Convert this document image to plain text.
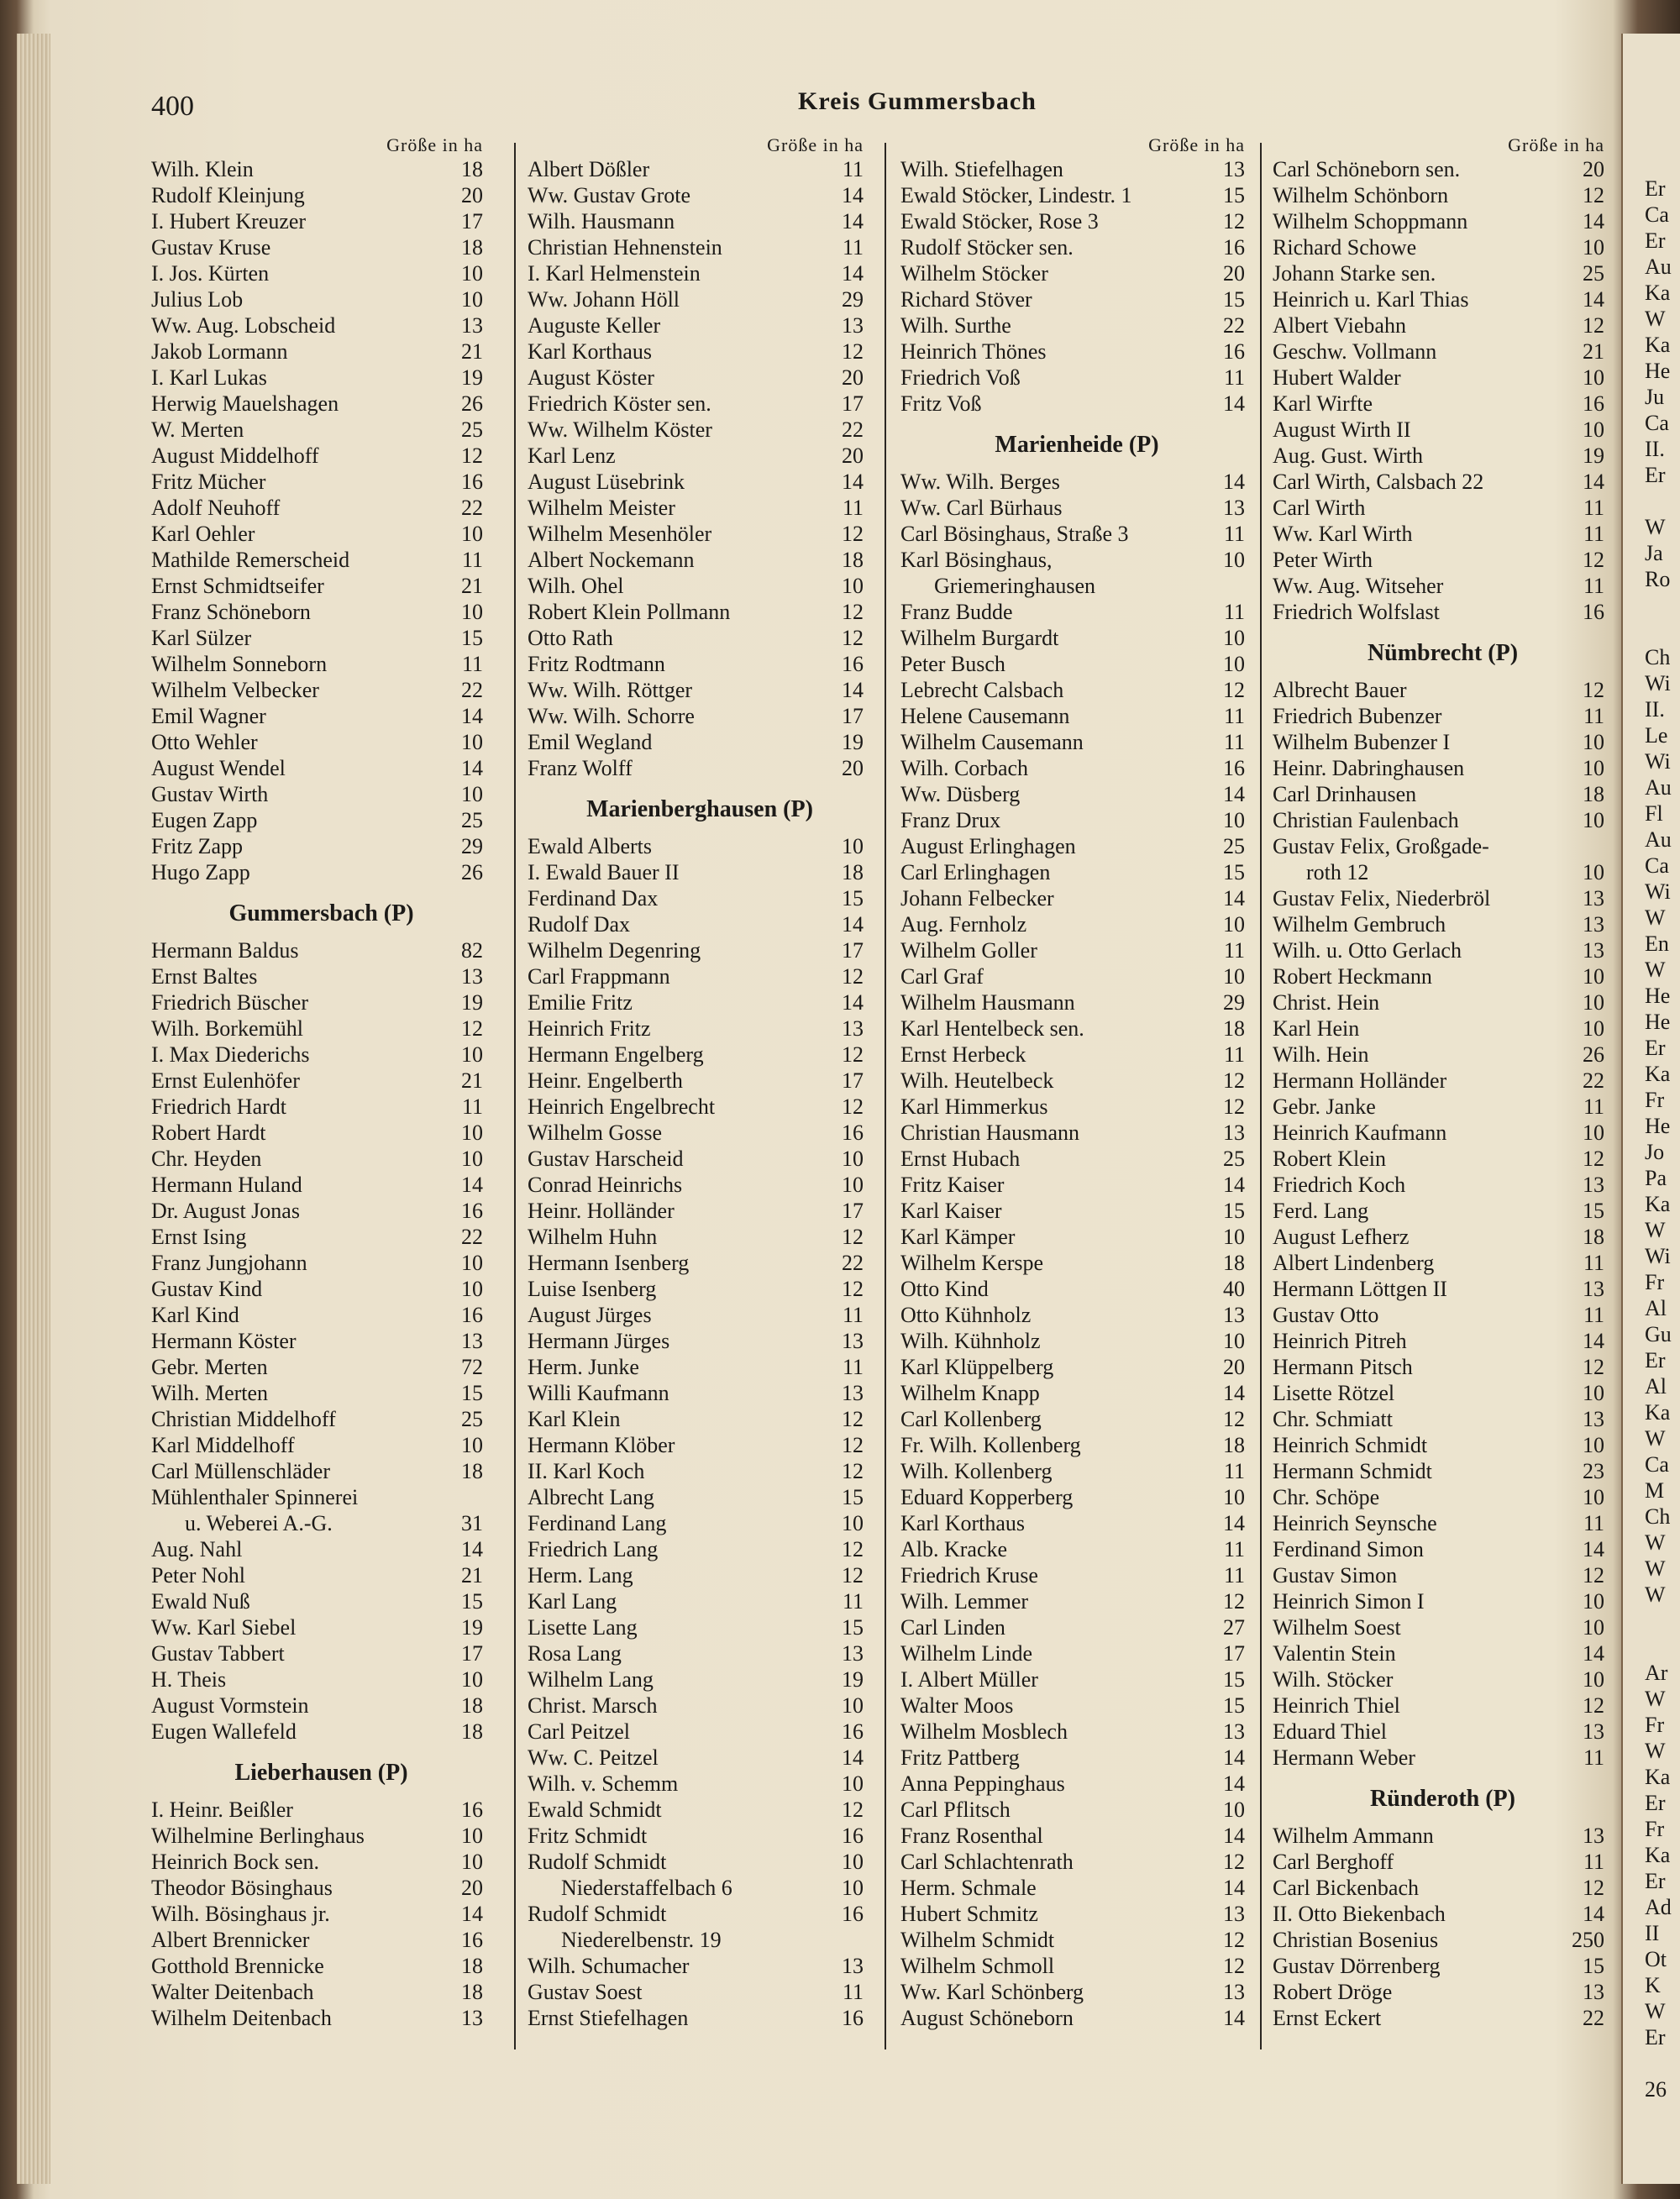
400	Kreis Gummersbach
Größe in ha
Wilh. Klein	18
Rudolf Kleinjung	20
I. Hubert Kreuzer	17
Gustav Kruse	18
I. Jos. Kürten	10
Julius Lob	10
Ww. Aug. Lobscheid	13
Jakob Lormann	21
I. Karl Lukas	19
Herwig Mauelshagen	26
W. Merten	25
August Middelhoff	12
Fritz Mücher	16
Adolf Neuhoff	22
Karl Oehler	10
Mathilde Remerscheid	11
Ernst Schmidtseifer	21
Franz Schöneborn	10
Karl Sülzer	15
Wilhelm Sonneborn	11
Wilhelm Velbecker	22
Emil Wagner	14
Otto Wehler	10
August Wendel	14
Gustav Wirth	10
Eugen Zapp	25
Fritz Zapp	29
Hugo Zapp	26
Gummersbach (P)
Hermann Baldus	82
Ernst Baltes	13
Friedrich Büscher	19
Wilh. Borkemühl	12
I. Max Diederichs	10
Ernst Eulenhöfer	21
Friedrich Hardt	11
Robert Hardt	10
Chr. Heyden	10
Hermann Huland	14
Dr. August Jonas	16
Ernst Ising	22
Franz Jungjohann	10
Gustav Kind	10
Karl Kind	16
Hermann Köster	13
Gebr. Merten	72
Wilh. Merten	15
Christian Middelhoff	25
Karl Middelhoff	10
Carl Müllenschläder	18
Mühlenthaler Spinnerei
u. Weberei A.-G.	31
Aug. Nahl	14
Peter Nohl	21
Ewald Nuß	15
Ww. Karl Siebel	19
Gustav Tabbert	17
H. Theis	10
August Vormstein	18
Eugen Wallefeld	18
Lieberhausen (P)
I. Heinr. Beißler	16
Wilhelmine Berlinghaus	10
Heinrich Bock sen.	10
Theodor Bösinghaus	20
Wilh. Bösinghaus jr.	14
Albert Brennicker	16
Gotthold Brennicke	18
Walter Deitenbach	18
Wilhelm Deitenbach	13
Größe in ha
Albert Dößler	11
Ww. Gustav Grote	14
Wilh. Hausmann	14
Christian Hehnenstein	11
I. Karl Helmenstein	14
Ww. Johann Höll	29
Auguste Keller	13
Karl Korthaus	12
August Köster	20
Friedrich Köster sen.	17
Ww. Wilhelm Köster	22
Karl Lenz	20
August Lüsebrink	14
Wilhelm Meister	11
Wilhelm Mesenhöler	12
Albert Nockemann	18
Wilh. Ohel	10
Robert Klein Pollmann	12
Otto Rath	12
Fritz Rodtmann	16
Ww. Wilh. Röttger	14
Ww. Wilh. Schorre	17
Emil Wegland	19
Franz Wolff	20
Marienberghausen (P)
Ewald Alberts	10
I. Ewald Bauer II	18
Ferdinand Dax	15
Rudolf Dax	14
Wilhelm Degenring	17
Carl Frappmann	12
Emilie Fritz	14
Heinrich Fritz	13
Hermann Engelberg	12
Heinr. Engelberth	17
Heinrich Engelbrecht	12
Wilhelm Gosse	16
Gustav Harscheid	10
Conrad Heinrichs	10
Heinr. Holländer	17
Wilhelm Huhn	12
Hermann Isenberg	22
Luise Isenberg	12
August Jürges	11
Hermann Jürges	13
Herm. Junke	11
Willi Kaufmann	13
Karl Klein	12
Hermann Klöber	12
II. Karl Koch	12
Albrecht Lang	15
Ferdinand Lang	10
Friedrich Lang	12
Herm. Lang	12
Karl Lang	11
Lisette Lang	15
Rosa Lang	13
Wilhelm Lang	19
Christ. Marsch	10
Carl Peitzel	16
Ww. C. Peitzel	14
Wilh. v. Schemm	10
Ewald Schmidt	12
Fritz Schmidt	16
Rudolf Schmidt	10
Niederstaffelbach 6	10
Rudolf Schmidt	16
Niederelbenstr. 19
Wilh. Schumacher	13
Gustav Soest	11
Ernst Stiefelhagen	16
Größe in ha
Wilh. Stiefelhagen	13
Ewald Stöcker, Lindestr. 1	15
Ewald Stöcker, Rose 3	12
Rudolf Stöcker sen.	16
Wilhelm Stöcker	20
Richard Stöver	15
Wilh. Surthe	22
Heinrich Thönes	16
Friedrich Voß	11
Fritz Voß	14
Marienheide (P)
Ww. Wilh. Berges	14
Ww. Carl Bürhaus	13
Carl Bösinghaus, Straße 3	11
Karl Bösinghaus,	10
Griemeringhausen
Franz Budde	11
Wilhelm Burgardt	10
Peter Busch	10
Lebrecht Calsbach	12
Helene Causemann	11
Wilhelm Causemann	11
Wilh. Corbach	16
Ww. Düsberg	14
Franz Drux	10
August Erlinghagen	25
Carl Erlinghagen	15
Johann Felbecker	14
Aug. Fernholz	10
Wilhelm Goller	11
Carl Graf	10
Wilhelm Hausmann	29
Karl Hentelbeck sen.	18
Ernst Herbeck	11
Wilh. Heutelbeck	12
Karl Himmerkus	12
Christian Hausmann	13
Ernst Hubach	25
Fritz Kaiser	14
Karl Kaiser	15
Karl Kämper	10
Wilhelm Kerspe	18
Otto Kind	40
Otto Kühnholz	13
Wilh. Kühnholz	10
Karl Klüppelberg	20
Wilhelm Knapp	14
Carl Kollenberg	12
Fr. Wilh. Kollenberg	18
Wilh. Kollenberg	11
Eduard Kopperberg	10
Karl Korthaus	14
Alb. Kracke	11
Friedrich Kruse	11
Wilh. Lemmer	12
Carl Linden	27
Wilhelm Linde	17
I. Albert Müller	15
Walter Moos	15
Wilhelm Mosblech	13
Fritz Pattberg	14
Anna Peppinghaus	14
Carl Pflitsch	10
Franz Rosenthal	14
Carl Schlachtenrath	12
Herm. Schmale	14
Hubert Schmitz	13
Wilhelm Schmidt	12
Wilhelm Schmoll	12
Ww. Karl Schönberg	13
August Schöneborn	14
Größe in ha
Carl Schöneborn sen.	20
Wilhelm Schönborn	12
Wilhelm Schoppmann	14
Richard Schowe	10
Johann Starke sen.	25
Heinrich u. Karl Thias	14
Albert Viebahn	12
Geschw. Vollmann	21
Hubert Walder	10
Karl Wirfte	16
August Wirth II	10
Aug. Gust. Wirth	19
Carl Wirth, Calsbach 22	14
Carl Wirth	11
Ww. Karl Wirth	11
Peter Wirth	12
Ww. Aug. Witseher	11
Friedrich Wolfslast	16
Nümbrecht (P)
Albrecht Bauer	12
Friedrich Bubenzer	11
Wilhelm Bubenzer I	10
Heinr. Dabringhausen	10
Carl Drinhausen	18
Christian Faulenbach	10
Gustav Felix, Großgade-
roth 12	10
Gustav Felix, Niederbröl	13
Wilhelm Gembruch	13
Wilh. u. Otto Gerlach	13
Robert Heckmann	10
Christ. Hein	10
Karl Hein	10
Wilh. Hein	26
Hermann Holländer	22
Gebr. Janke	11
Heinrich Kaufmann	10
Robert Klein	12
Friedrich Koch	13
Ferd. Lang	15
August Lefherz	18
Albert Lindenberg	11
Hermann Löttgen II	13
Gustav Otto	11
Heinrich Pitreh	14
Hermann Pitsch	12
Lisette Rötzel	10
Chr. Schmiatt	13
Heinrich Schmidt	10
Hermann Schmidt	23
Chr. Schöpe	10
Heinrich Seynsche	11
Ferdinand Simon	14
Gustav Simon	12
Heinrich Simon I	10
Wilhelm Soest	10
Valentin Stein	14
Wilh. Stöcker	10
Heinrich Thiel	12
Eduard Thiel	13
Hermann Weber	11
Ründeroth (P)
Wilhelm Ammann	13
Carl Berghoff	11
Carl Bickenbach	12
II. Otto Biekenbach	14
Christian Bosenius	250
Gustav Dörrenberg	15
Robert Dröge	13
Ernst Eckert	22
Er
Ca
Er
Au
Ka
W
Ka
He
Ju
Ca
II.
Er
W
Ja
Ro
Ch
Wi
II.
Le
Wi
Au
Fl
Au
Ca
Wi
W
En
W
He
He
Er
Ka
Fr
He
Jo
Pa
Ka
W
Wi
Fr
Al
Gu
Er
Al
Ka
W
Ca
M
Ch
W
W
W
Ar
W
Fr
W
Ka
Er
Fr
Ka
Er
Ad
II
Ot
K
W
Er
26
